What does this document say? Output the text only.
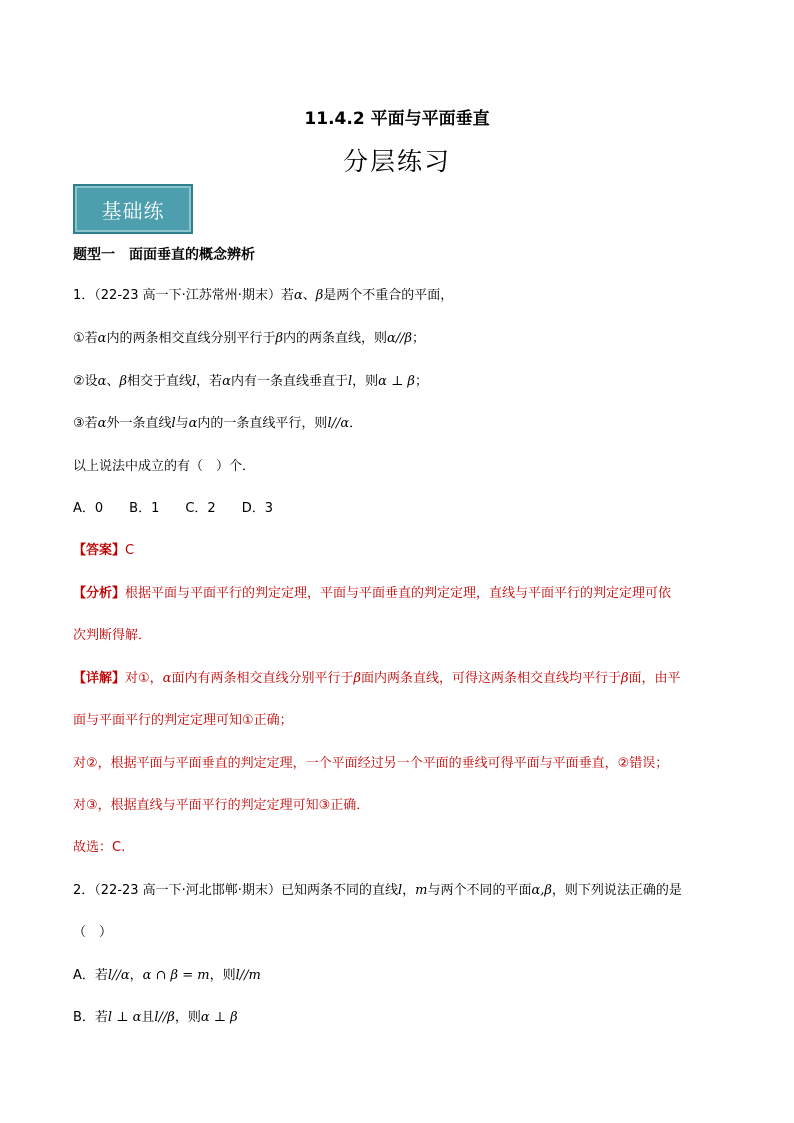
11.4.2 平面与平面垂直
分层练习
基础练
题型一　面面垂直的概念辨析
1．（22-23 高一下·江苏常州·期末）若α、β是两个不重合的平面，
①若α内的两条相交直线分别平行于β内的两条直线，则α//β；
②设α、β相交于直线l，若α内有一条直线垂直于l，则α ⊥ β；
③若α外一条直线l与α内的一条直线平行，则l//α．
以上说法中成立的有（　）个．
A．0　　B．1　　C．2　　D．3
【答案】C
【分析】根据平面与平面平行的判定定理，平面与平面垂直的判定定理，直线与平面平行的判定定理可依
次判断得解．
【详解】对①，α面内有两条相交直线分别平行于β面内两条直线，可得这两条相交直线均平行于β面，由平
面与平面平行的判定定理可知①正确；
对②，根据平面与平面垂直的判定定理，一个平面经过另一个平面的垂线可得平面与平面垂直，②错误；
对③，根据直线与平面平行的判定定理可知③正确．
故选：C.
2．（22-23 高一下·河北邯郸·期末）已知两条不同的直线l，m与两个不同的平面α,β，则下列说法正确的是
（　）
A．若l//α，α ∩ β = m，则l//m
B．若l ⊥ α且l//β，则α ⊥ β
